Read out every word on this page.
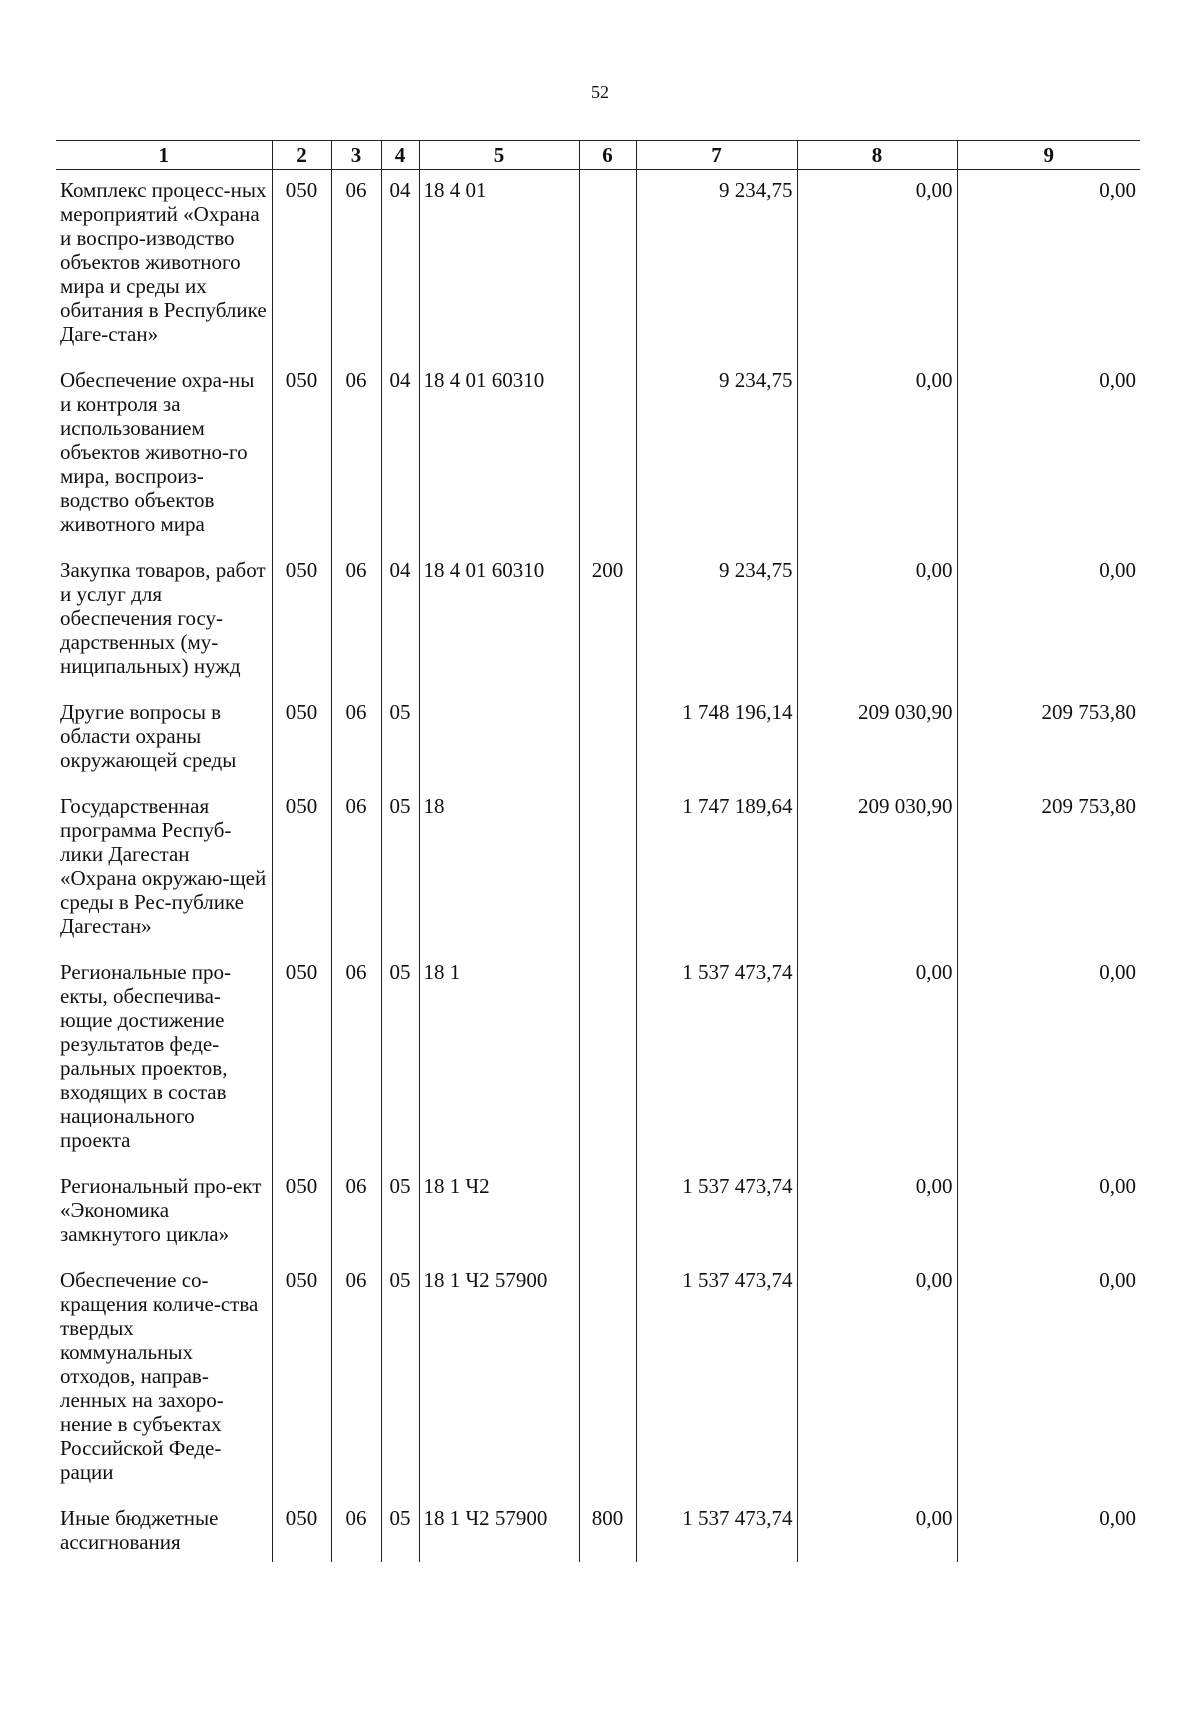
52
1	2	3	4	5	6	7	8	9
Комплекс процесс-ных мероприятий «Охрана и воспро-изводство объектов животного мира и среды их обитания в Республике Даге-стан»	050	06	04	18 4 01		9 234,75	0,00	0,00
Обеспечение охра-ны и контроля за использованием объектов животно-го мира, воспроиз-водство объектов животного мира	050	06	04	18 4 01 60310		9 234,75	0,00	0,00
Закупка товаров, работ и услуг для обеспечения госу-дарственных (му-ниципальных) нужд	050	06	04	18 4 01 60310	200	9 234,75	0,00	0,00
Другие вопросы в области охраны окружающей среды	050	06	05			1 748 196,14	209 030,90	209 753,80
Государственная программа Респуб-лики Дагестан «Охрана окружаю-щей среды в Рес-публике Дагестан»	050	06	05	18		1 747 189,64	209 030,90	209 753,80
Региональные про-екты, обеспечива-ющие достижение результатов феде-ральных проектов, входящих в состав национального проекта	050	06	05	18 1		1 537 473,74	0,00	0,00
Региональный про-ект «Экономика замкнутого цикла»	050	06	05	18 1 Ч2		1 537 473,74	0,00	0,00
Обеспечение со-кращения количе-ства твердых коммунальных отходов, направ-ленных на захоро-нение в субъектах Российской Феде-рации	050	06	05	18 1 Ч2 57900		1 537 473,74	0,00	0,00
Иные бюджетные ассигнования	050	06	05	18 1 Ч2 57900	800	1 537 473,74	0,00	0,00
